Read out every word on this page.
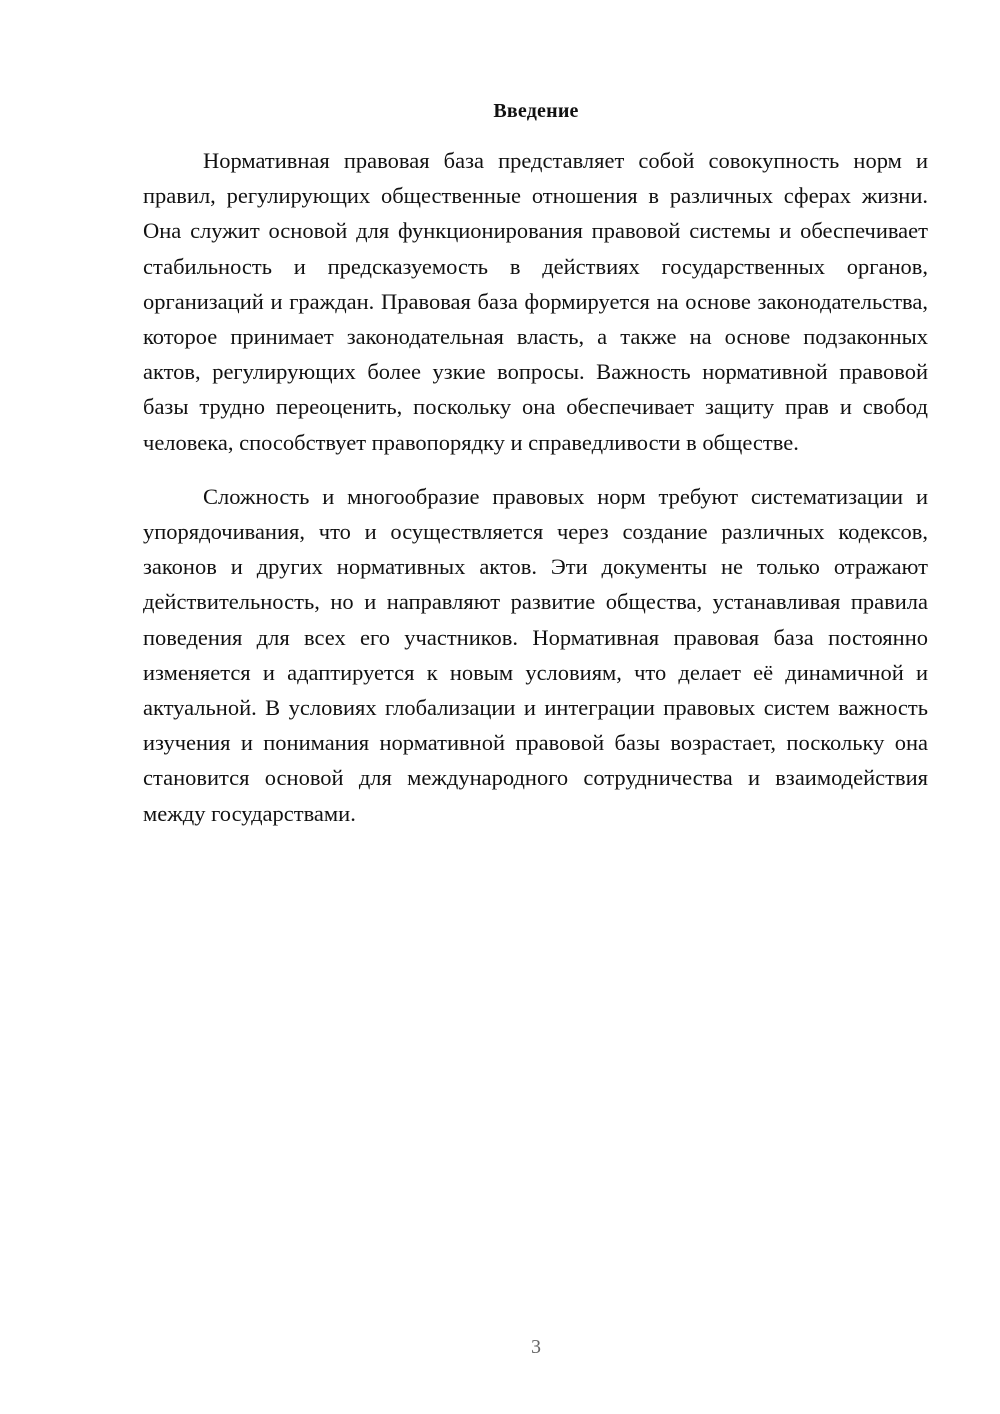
Введение

Нормативная правовая база представляет собой совокупность норм и правил, регулирующих общественные отношения в различных сферах жизни. Она служит основой для функционирования правовой системы и обеспечивает стабильность и предсказуемость в действиях государственных органов, организаций и граждан. Правовая база формируется на основе законодательства, которое принимает законодательная власть, а также на основе подзаконных актов, регулирующих более узкие вопросы. Важность нормативной правовой базы трудно переоценить, поскольку она обеспечивает защиту прав и свобод человека, способствует правопорядку и справедливости в обществе.

Сложность и многообразие правовых норм требуют систематизации и упорядочивания, что и осуществляется через создание различных кодексов, законов и других нормативных актов. Эти документы не только отражают действительность, но и направляют развитие общества, устанавливая правила поведения для всех его участников. Нормативная правовая база постоянно изменяется и адаптируется к новым условиям, что делает её динамичной и актуальной. В условиях глобализации и интеграции правовых систем важность изучения и понимания нормативной правовой базы возрастает, поскольку она становится основой для международного сотрудничества и взаимодействия между государствами.

3
